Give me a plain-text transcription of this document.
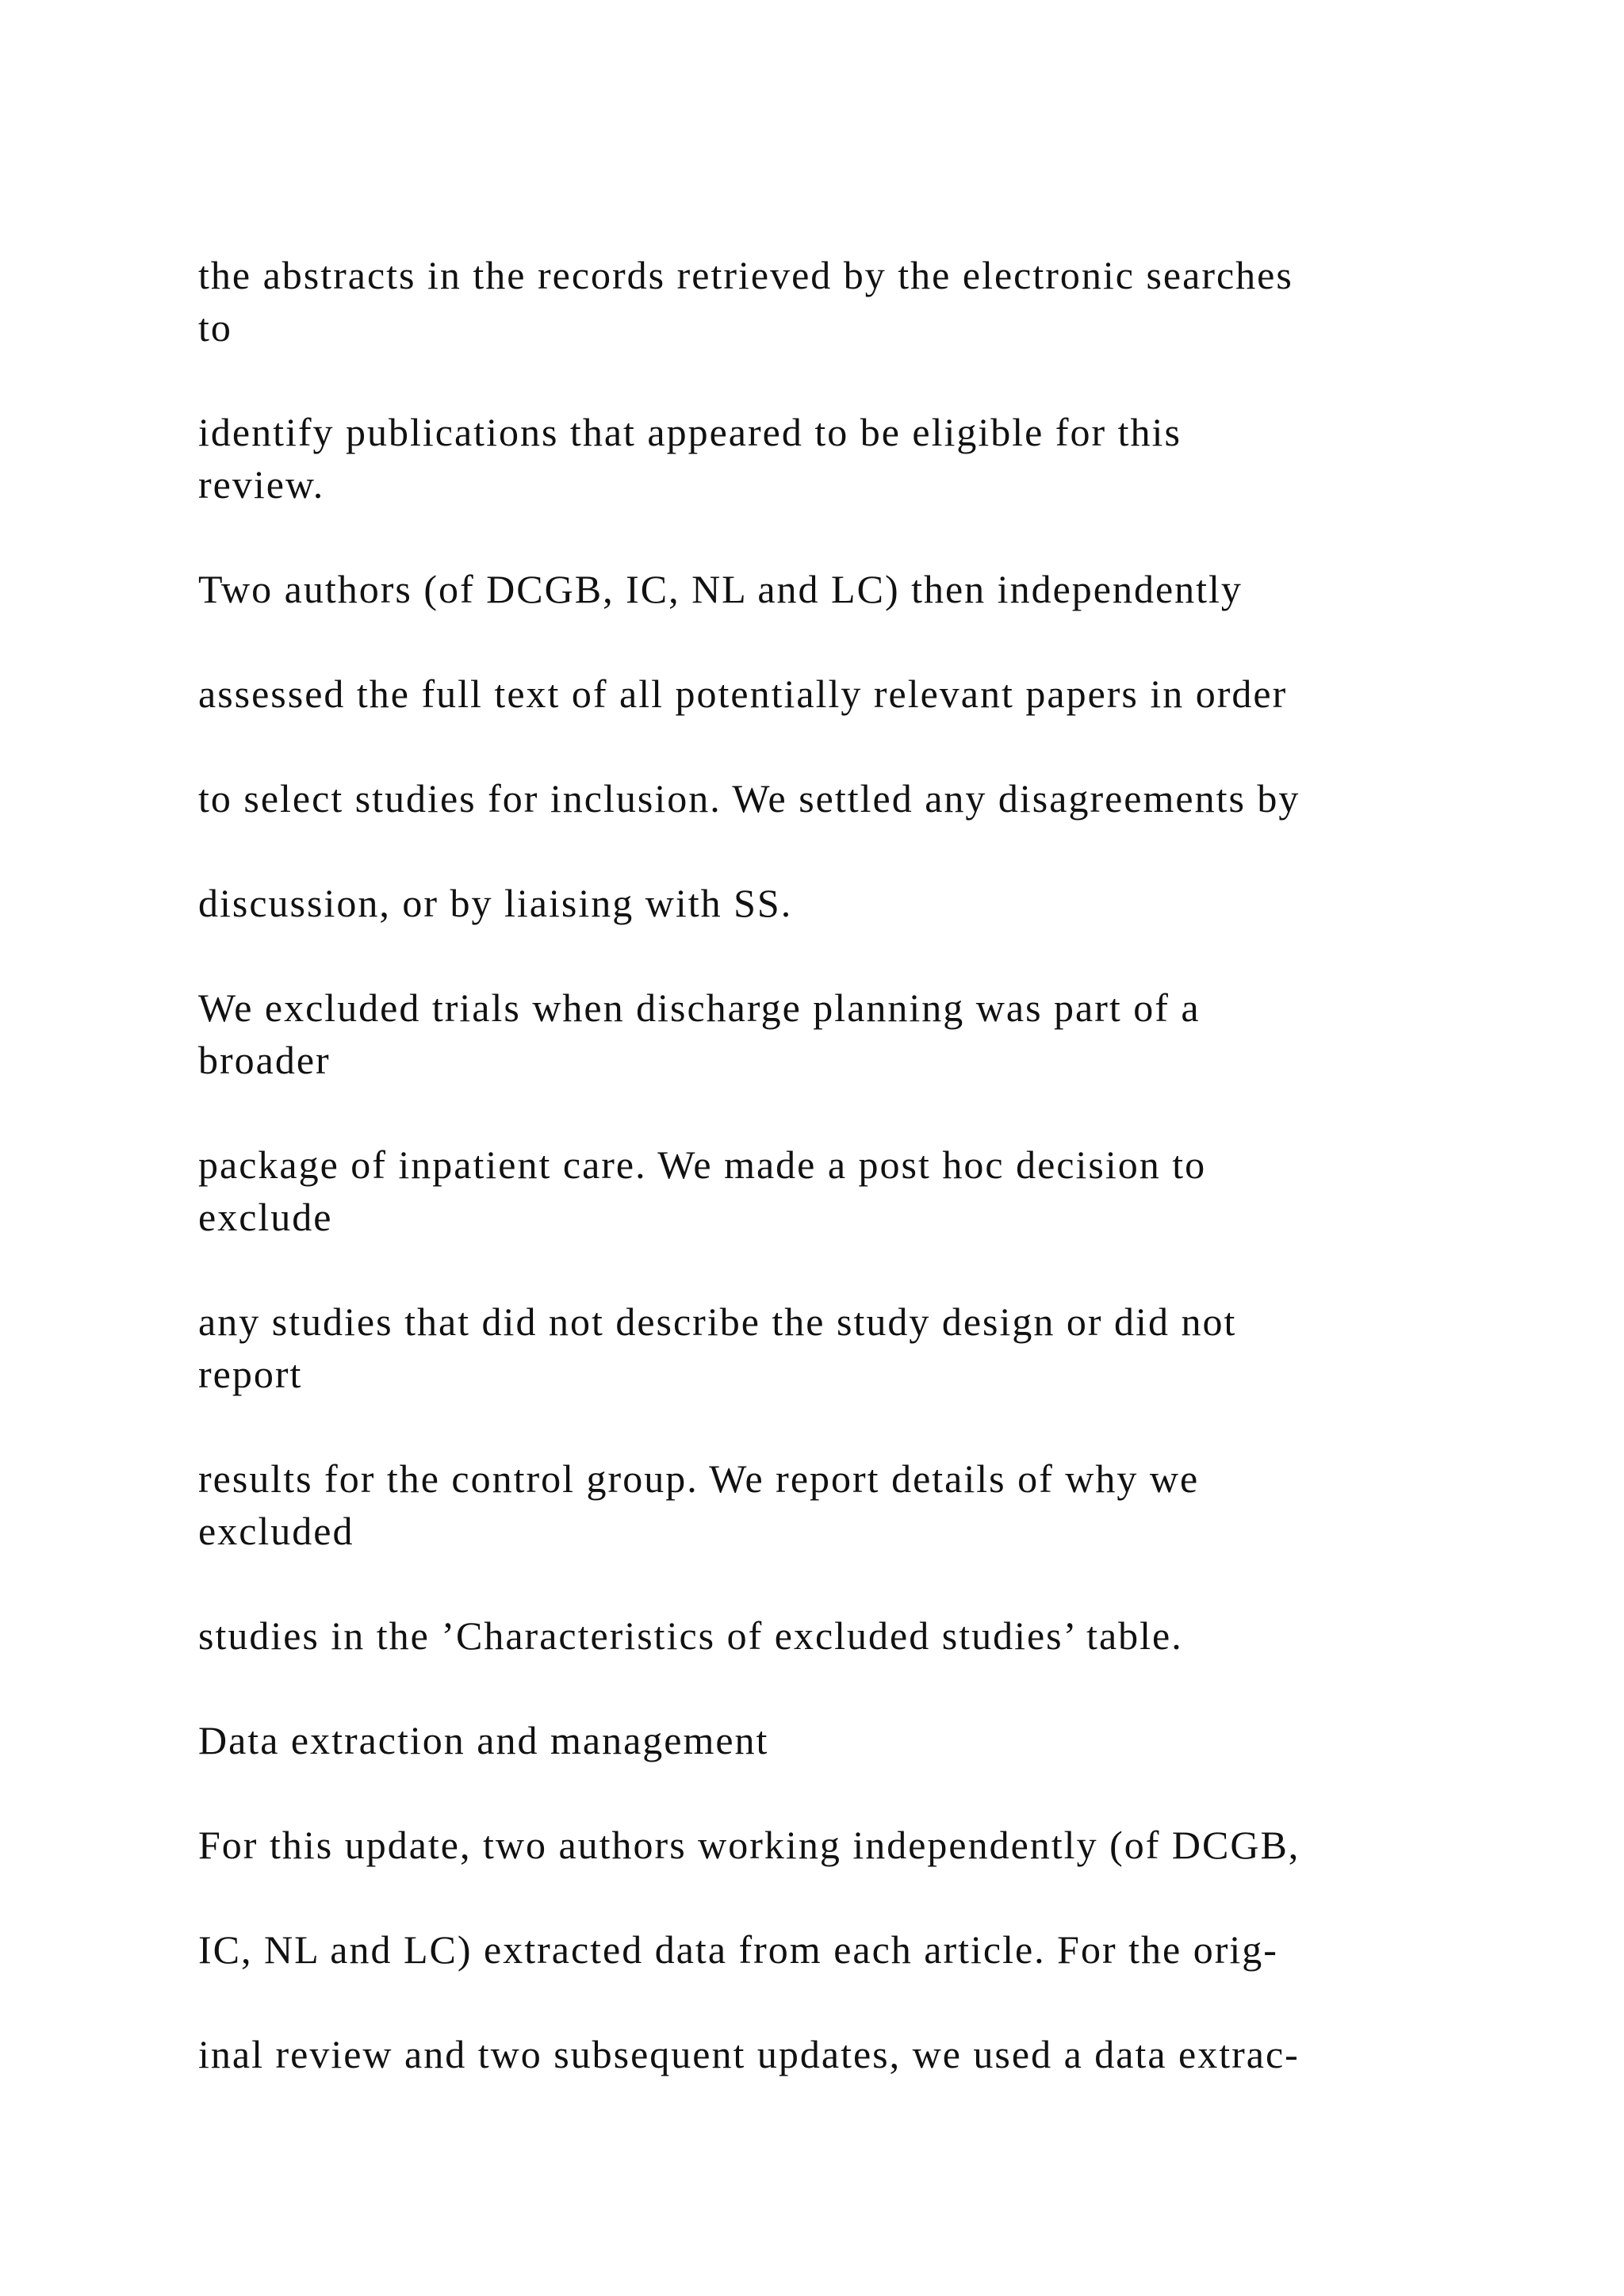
the abstracts in the records retrieved by the electronic searches

to

identify publications that appeared to be eligible for this

review.

Two authors (of DCGB, IC, NL and LC) then independently

assessed the full text of all potentially relevant papers in order

to select studies for inclusion. We settled any disagreements by

discussion, or by liaising with SS.

We excluded trials when discharge planning was part of a

broader

package of inpatient care. We made a post hoc decision to

exclude

any studies that did not describe the study design or did not

report

results for the control group. We report details of why we

excluded

studies in the ’Characteristics of excluded studies’ table.

Data extraction and management

For this update, two authors working independently (of DCGB,

IC, NL and LC) extracted data from each article. For the orig-

inal review and two subsequent updates, we used a data extrac-
